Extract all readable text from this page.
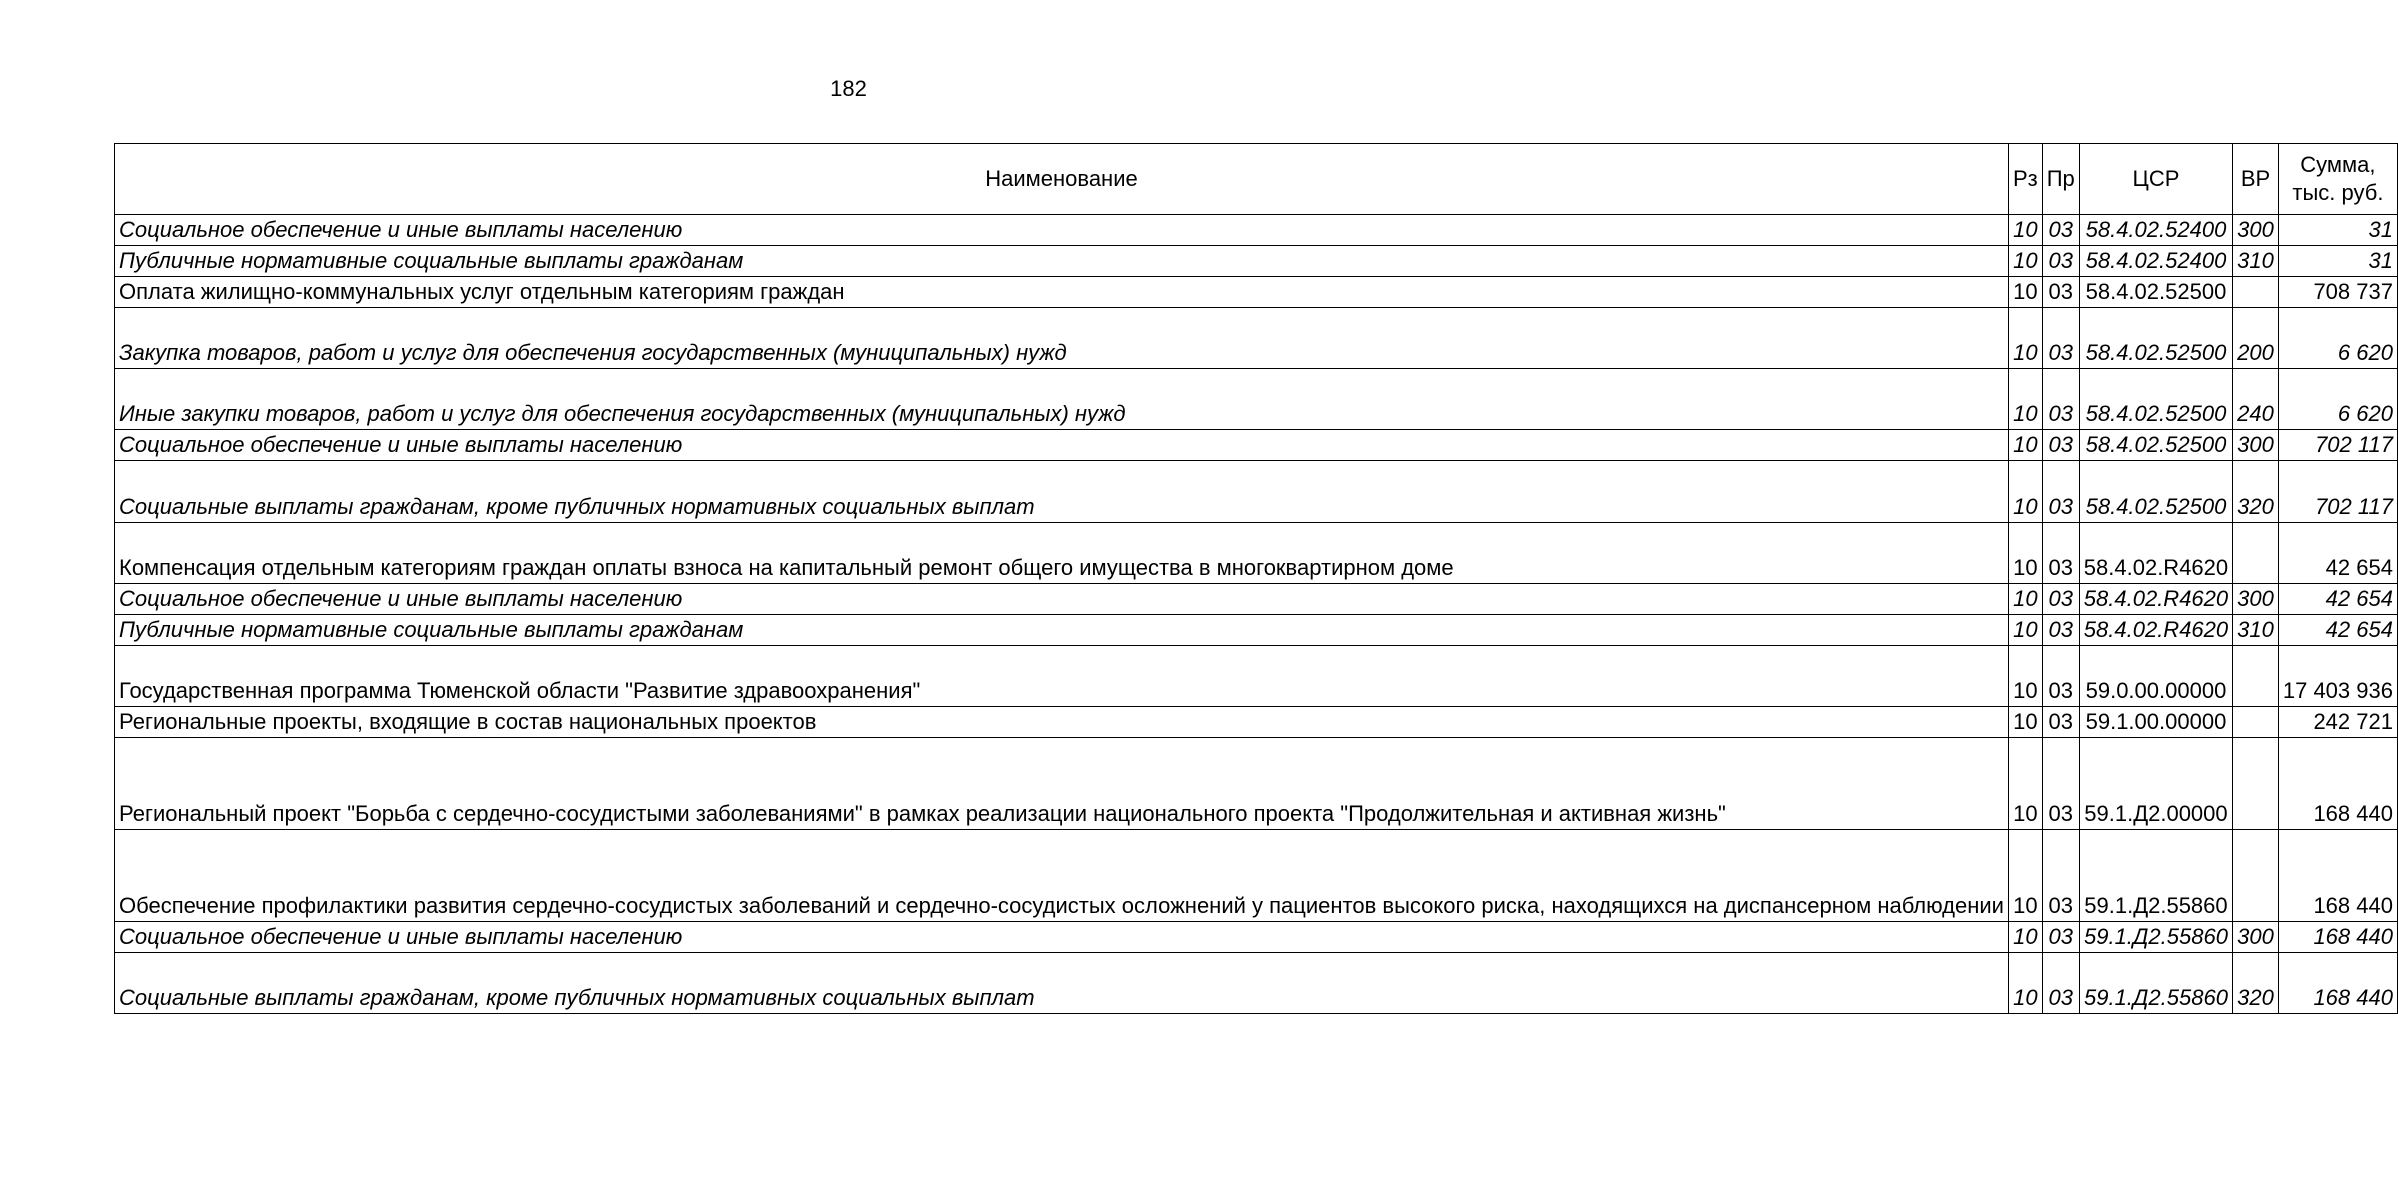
182
Наименование	Рз	Пр	ЦСР	ВР	Сумма,
тыс. руб.
Социальное обеспечение и иные выплаты населению	10	03	58.4.02.52400	300	31
Публичные нормативные социальные выплаты гражданам	10	03	58.4.02.52400	310	31
Оплата жилищно-коммунальных услуг отдельным категориям граждан	10	03	58.4.02.52500		708 737
Закупка товаров, работ и услуг для обеспечения государственных (муниципальных) нужд	10	03	58.4.02.52500	200	6 620
Иные закупки товаров, работ и услуг для обеспечения государственных (муниципальных) нужд	10	03	58.4.02.52500	240	6 620
Социальное обеспечение и иные выплаты населению	10	03	58.4.02.52500	300	702 117
Социальные выплаты гражданам, кроме публичных нормативных социальных выплат	10	03	58.4.02.52500	320	702 117
Компенсация отдельным категориям граждан оплаты взноса на капитальный ремонт общего имущества в многоквартирном доме	10	03	58.4.02.R4620		42 654
Социальное обеспечение и иные выплаты населению	10	03	58.4.02.R4620	300	42 654
Публичные нормативные социальные выплаты гражданам	10	03	58.4.02.R4620	310	42 654
Государственная программа Тюменской области "Развитие здравоохранения"	10	03	59.0.00.00000		17 403 936
Региональные проекты, входящие в состав национальных проектов	10	03	59.1.00.00000		242 721
Региональный проект "Борьба с сердечно-сосудистыми заболеваниями" в рамках реализации национального проекта "Продолжительная и активная жизнь"	10	03	59.1.Д2.00000		168 440
Обеспечение профилактики развития сердечно-сосудистых заболеваний и сердечно-сосудистых осложнений у пациентов высокого риска, находящихся на диспансерном наблюдении	10	03	59.1.Д2.55860		168 440
Социальное обеспечение и иные выплаты населению	10	03	59.1.Д2.55860	300	168 440
Социальные выплаты гражданам, кроме публичных нормативных социальных выплат	10	03	59.1.Д2.55860	320	168 440
